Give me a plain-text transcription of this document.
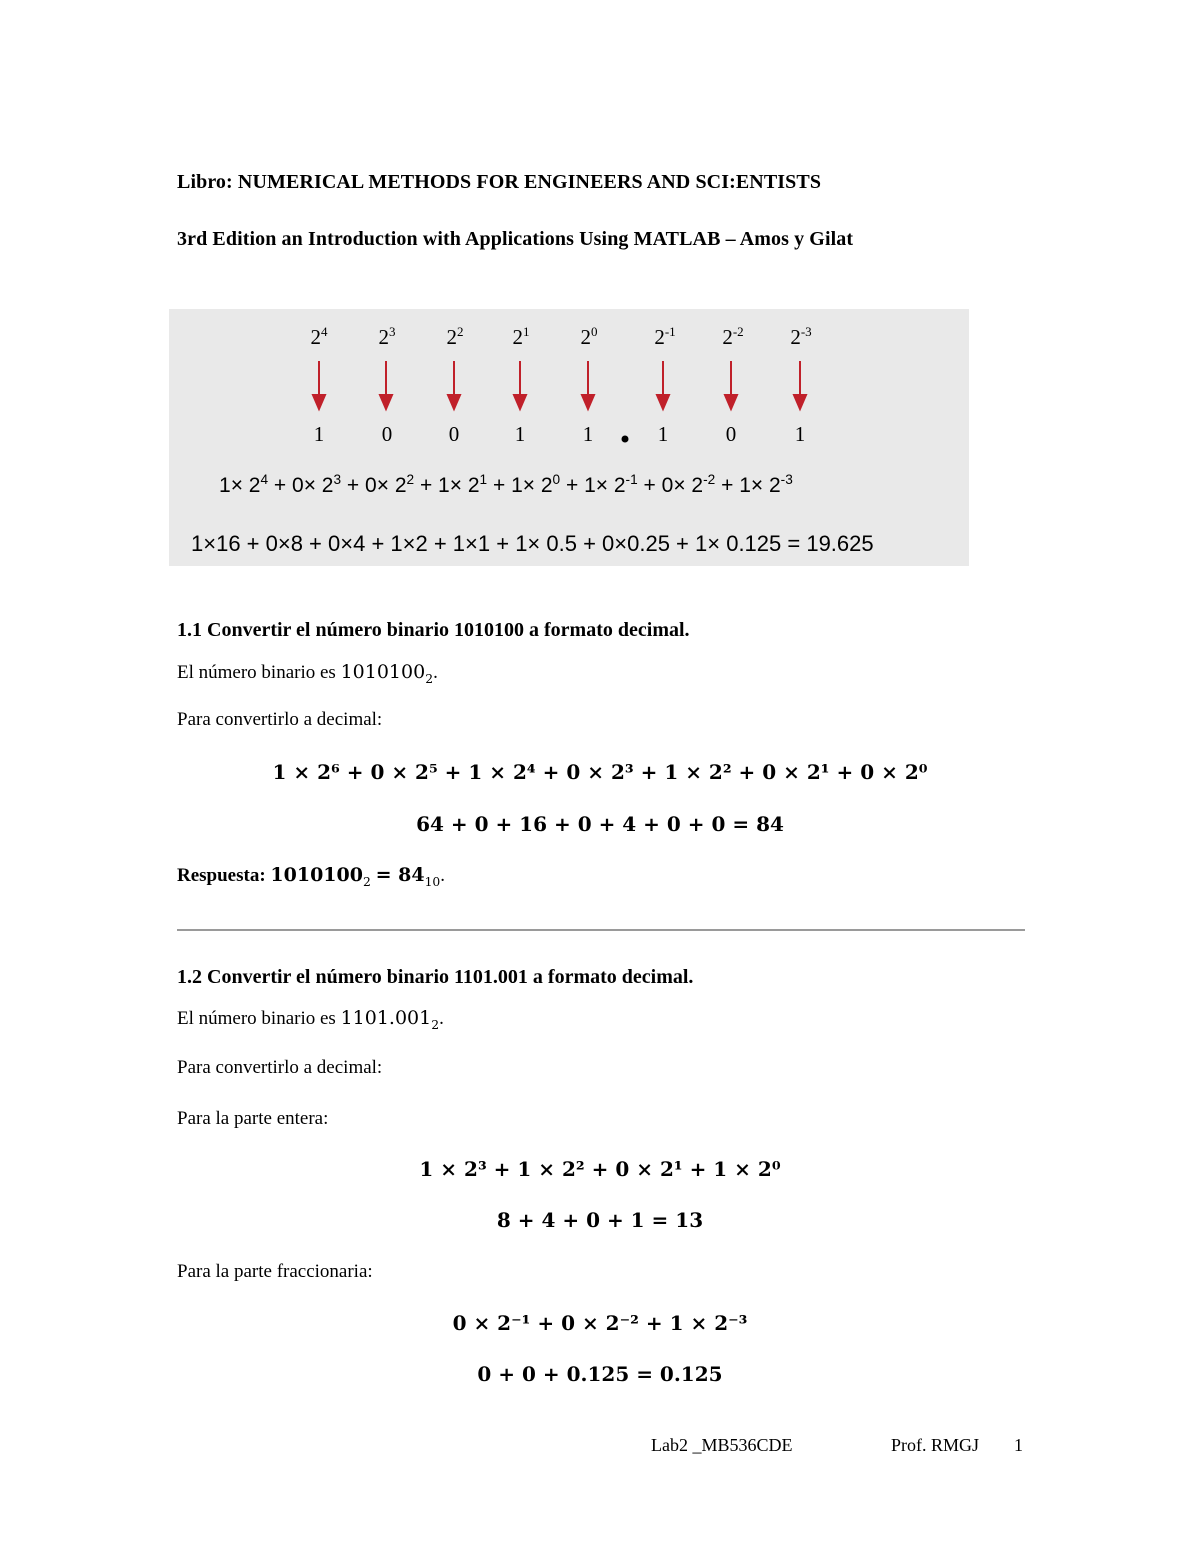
Libro: NUMERICAL METHODS FOR ENGINEERS AND SCI:ENTISTS
3rd Edition an Introduction with Applications Using MATLAB – Amos y Gilat
$2^4$	$2^3$	$2^2$	$2^1$	$2^0$	$2^{-1}$	$2^{-2}$	$2^{-3}$
1	0	0	1	1	1	0	1
$1\times 2^4 + 0\times 2^3 + 0\times 2^2 + 1\times 2^1 + 1\times 2^0 + 1\times 2^{-1} + 0\times 2^{-2} + 1\times 2^{-3}$
1×16 + 0×8 + 0×4 + 1×2 + 1×1 + 1× 0.5 + 0×0.25 + 1× 0.125 = 19.625
1.1 Convertir el número binario 1010100 a formato decimal.
El número binario es $1010100_2$.
Para convertirlo a decimal:
1 × 2⁶ + 0 × 2⁵ + 1 × 2⁴ + 0 × 2³ + 1 × 2² + 0 × 2¹ + 0 × 2⁰
64 + 0 + 16 + 0 + 4 + 0 + 0 = 84
Respuesta: $1010100_2 = 84_{10}$.
1.2 Convertir el número binario 1101.001 a formato decimal.
El número binario es $1101.001_2$.
Para convertirlo a decimal:
Para la parte entera:
1 × 2³ + 1 × 2² + 0 × 2¹ + 1 × 2⁰
8 + 4 + 0 + 1 = 13
Para la parte fraccionaria:
0 × 2⁻¹ + 0 × 2⁻² + 1 × 2⁻³
0 + 0 + 0.125 = 0.125
Lab2 _MB536CDE	Prof. RMGJ 1
